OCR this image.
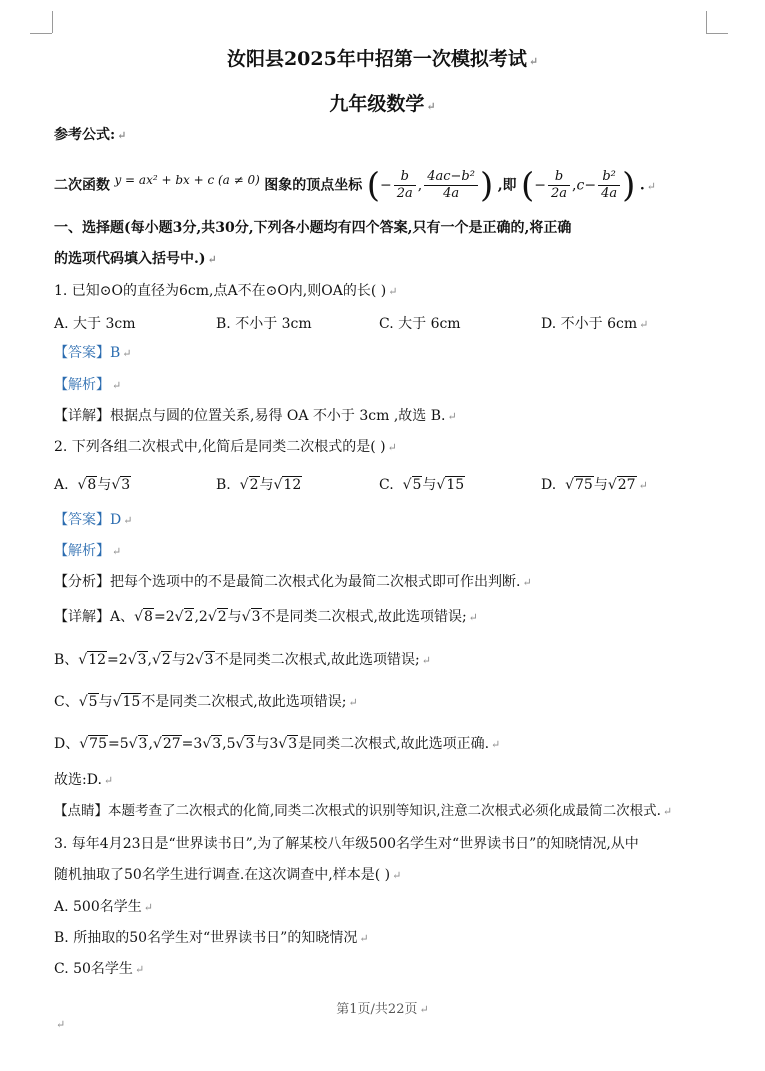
汝阳县2025年中招第一次模拟考试 ↵
九年级数学 ↵
参考公式: ↵
二次函数 y = ax² + bx + c (a ≠ 0) 图象的顶点坐标 (− $\frac{b}{2a}$ , $\frac{\text{4ac−b²}}{4a}$ ) ,即 (− $\frac{b}{2a} ,c- \frac{\text{b²}}{4a}$ ) . ↵
一、选择题(每小题3分,共30分,下列各小题均有四个答案,只有一个是正确的,将正确
的选项代码填入括号中.) ↵
1. 已知⊙O的直径为6cm,点A不在⊙O内,则OA的长( ) ↵
A. 大于 3cm	B. 不小于 3cm	C. 大于 6cm	D. 不小于 6cm ↵
【答案】B ↵
【解析】 ↵
【详解】根据点与圆的位置关系,易得 OA 不小于 3cm ,故选 B. ↵
2. 下列各组二次根式中,化简后是同类二次根式的是( ) ↵
A. √8与√3	B. √2与√12	C. √5与√15	D. √75与√27 ↵
【答案】D ↵
【解析】 ↵
【分析】把每个选项中的不是最简二次根式化为最简二次根式即可作出判断. ↵
【详解】A、√8=2√2,2√2与√3不是同类二次根式,故此选项错误; ↵
B、√12=2√3,√2与2√3不是同类二次根式,故此选项错误; ↵
C、√5与√15不是同类二次根式,故此选项错误; ↵
D、√75=5√3,√27=3√3,5√3与3√3是同类二次根式,故此选项正确. ↵
故选:D. ↵
【点睛】本题考查了二次根式的化简,同类二次根式的识别等知识,注意二次根式必须化成最简二次根式. ↵
3. 每年4月23日是“世界读书日”,为了解某校八年级500名学生对“世界读书日”的知晓情况,从中
随机抽取了50名学生进行调查.在这次调查中,样本是( ) ↵
A. 500名学生 ↵
B. 所抽取的50名学生对“世界读书日”的知晓情况 ↵
C. 50名学生 ↵
第1页/共22页 ↵
↵
